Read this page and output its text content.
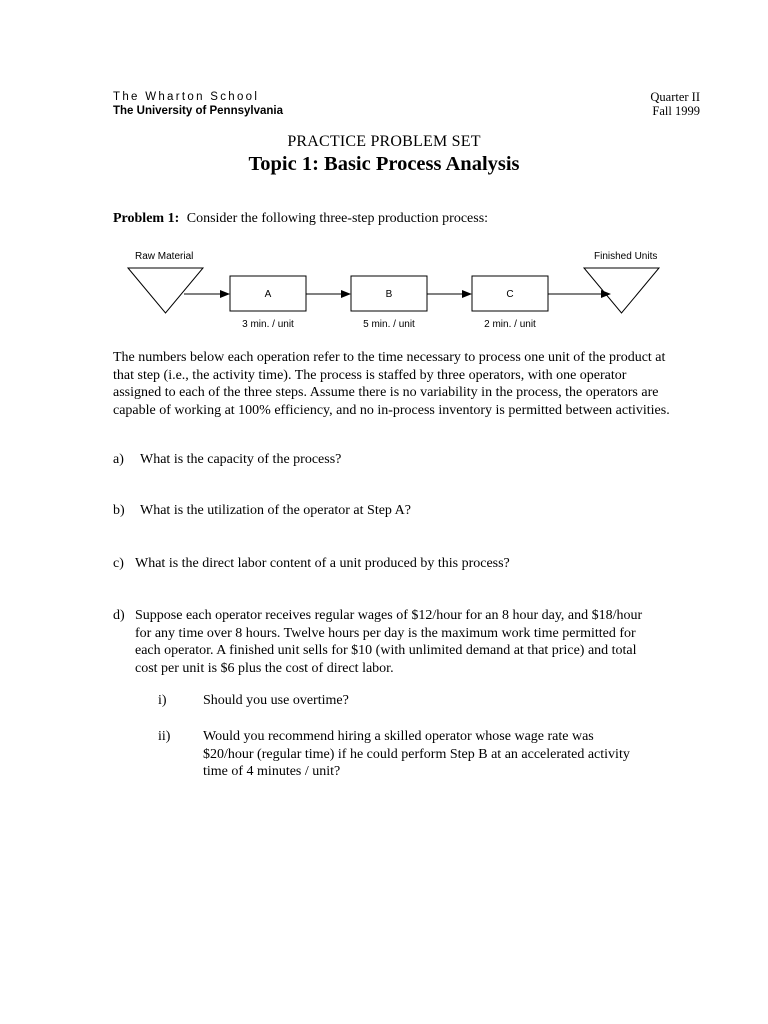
The Wharton School
The University of Pennsylvania
Quarter II
Fall 1999
PRACTICE PROBLEM SET
Topic 1: Basic Process Analysis
Problem 1: Consider the following three-step production process:
Raw Material	Finished Units
A	B	C
3 min. / unit	5 min. / unit	2 min. / unit
The numbers below each operation refer to the time necessary to process one unit of the product at that step (i.e., the activity time). The process is staffed by three operators, with one operator assigned to each of the three steps. Assume there is no variability in the process, the operators are capable of working at 100% efficiency, and no in-process inventory is permitted between activities.
a) What is the capacity of the process?
b) What is the utilization of the operator at Step A?
c) What is the direct labor content of a unit produced by this process?
d) Suppose each operator receives regular wages of $12/hour for an 8 hour day, and $18/hour for any time over 8 hours. Twelve hours per day is the maximum work time permitted for each operator. A finished unit sells for $10 (with unlimited demand at that price) and total cost per unit is $6 plus the cost of direct labor.
i)	Should you use overtime?
ii) Would you recommend hiring a skilled operator whose wage rate was $20/hour (regular time) if he could perform Step B at an accelerated activity time of 4 minutes / unit?
